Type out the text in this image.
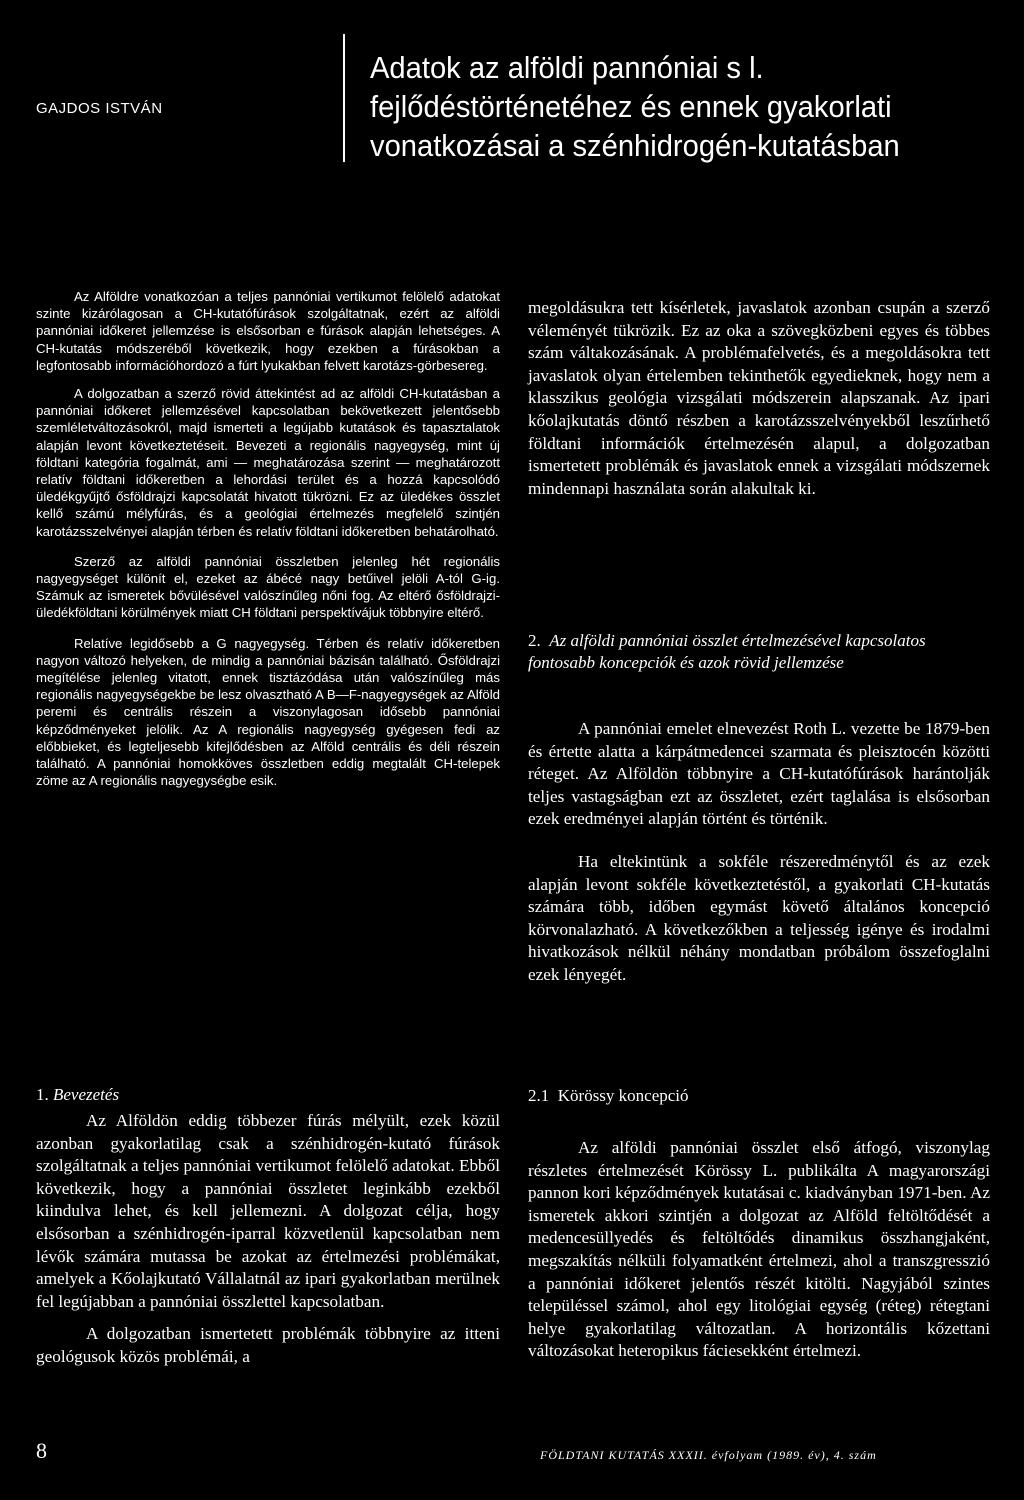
GAJDOS ISTVÁN
Adatok az alföldi pannóniai s l.
fejlődéstörténetéhez és ennek gyakorlati
vonatkozásai a szénhidrogén-kutatásban

Az Alföldre vonatkozóan a teljes pannóniai vertikumot felölelő adatokat szinte kizárólagosan a CH-kutatófúrások szolgáltatnak, ezért az alföldi pannóniai időkeret jellemzése is elsősorban e fúrások alapján lehetséges. A CH-kutatás módszeréből következik, hogy ezekben a fúrásokban a legfontosabb információhordozó a fúrt lyukakban felvett karotázs-görbesereg.

A dolgozatban a szerző rövid áttekintést ad az alföldi CH-kutatásban a pannóniai időkeret jellemzésével kapcsolatban bekövetkezett jelentősebb szemléletváltozásokról, majd ismerteti a legújabb kutatások és tapasztalatok alapján levont következtetéseit. Bevezeti a regionális nagyegység, mint új földtani kategória fogalmát, ami — meghatározása szerint — meghatározott relatív földtani időkeretben a lehordási terület és a hozzá kapcsolódó üledékgyűjtő ősföldrajzi kapcsolatát hivatott tükrözni. Ez az üledékes összlet kellő számú mélyfúrás, és a geológiai értelmezés megfelelő szintjén karotázsszelvényei alapján térben és relatív földtani időkeretben behatárolható.

Szerző az alföldi pannóniai összletben jelenleg hét regionális nagyegységet különít el, ezeket az ábécé nagy betűivel jelöli A-tól G-ig. Számuk az ismeretek bővülésével valószínűleg nőni fog. Az eltérő ősföldrajzi-üledékföldtani körülmények miatt CH földtani perspektívájuk többnyire eltérő.

Relatíve legidősebb a G nagyegység. Térben és relatív időkeretben nagyon változó helyeken, de mindig a pannóniai bázisán található. Ősföldrajzi megítélése jelenleg vitatott, ennek tisztázódása után valószínűleg más regionális nagyegységekbe be lesz olvasztható A B—F-nagyegységek az Alföld peremi és centrális részein a viszonylagosan idősebb pannóniai képződményeket jelölik. Az A regionális nagyegység gyégesen fedi az előbbieket, és legteljesebb kifejlődésben az Alföld centrális és déli részein található. A pannóniai homokköves összletben eddig megtalált CH-telepek zöme az A regionális nagyegységbe esik.

1. Bevezetés

Az Alföldön eddig többezer fúrás mélyült, ezek közül azonban gyakorlatilag csak a szénhidrogén-kutató fúrások szolgáltatnak a teljes pannóniai vertikumot felölelő adatokat. Ebből következik, hogy a pannóniai összletet leginkább ezekből kiindulva lehet, és kell jellemezni. A dolgozat célja, hogy elsősorban a szénhidrogén-iparral közvetlenül kapcsolatban nem lévők számára mutassa be azokat az értelmezési problémákat, amelyek a Kőolajkutató Vállalatnál az ipari gyakorlatban merülnek fel legújabban a pannóniai összlettel kapcsolatban.

A dolgozatban ismertetett problémák többnyire az itteni geológusok közös problémái, a

megoldásukra tett kísérletek, javaslatok azonban csupán a szerző véleményét tükrözik. Ez az oka a szövegközbeni egyes és többes szám váltakozásának. A problémafelvetés, és a megoldásokra tett javaslatok olyan értelemben tekinthetők egyedieknek, hogy nem a klasszikus geológia vizsgálati módszerein alapszanak. Az ipari kőolajkutatás döntő részben a karotázsszelvényekből leszűrhető földtani információk értelmezésén alapul, a dolgozatban ismertetett problémák és javaslatok ennek a vizsgálati módszernek mindennapi használata során alakultak ki.

2. Az alföldi pannóniai összlet értelmezésével kapcsolatos fontosabb koncepciók és azok rövid jellemzése

A pannóniai emelet elnevezést Roth L. vezette be 1879-ben és értette alatta a kárpátmedencei szarmata és pleisztocén közötti réteget. Az Alföldön többnyire a CH-kutatófúrások harántolják teljes vastagságban ezt az összletet, ezért taglalása is elsősorban ezek eredményei alapján történt és történik.

Ha eltekintünk a sokféle részeredménytől és az ezek alapján levont sokféle következtetéstől, a gyakorlati CH-kutatás számára több, időben egymást követő általános koncepció körvonalazható. A következőkben a teljesség igénye és irodalmi hivatkozások nélkül néhány mondatban próbálom összefoglalni ezek lényegét.

2.1 Körössy koncepció

Az alföldi pannóniai összlet első átfogó, viszonylag részletes értelmezését Körössy L. publikálta A magyarországi pannon kori képződmények kutatásai c. kiadványban 1971-ben. Az ismeretek akkori szintjén a dolgozat az Alföld feltöltődését a medencesüllyedés és feltöltődés dinamikus összhangjaként, megszakítás nélküli folyamatként értelmezi, ahol a transzgresszió a pannóniai időkeret jelentős részét kitölti. Nagyjából szintes településsel számol, ahol egy litológiai egység (réteg) rétegtani helye gyakorlatilag változatlan. A horizontális kőzettani változásokat heteropikus fáciesekként értelmezi.

8	FÖLDTANI KUTATÁS XXXII. évfolyam (1989. év), 4. szám
